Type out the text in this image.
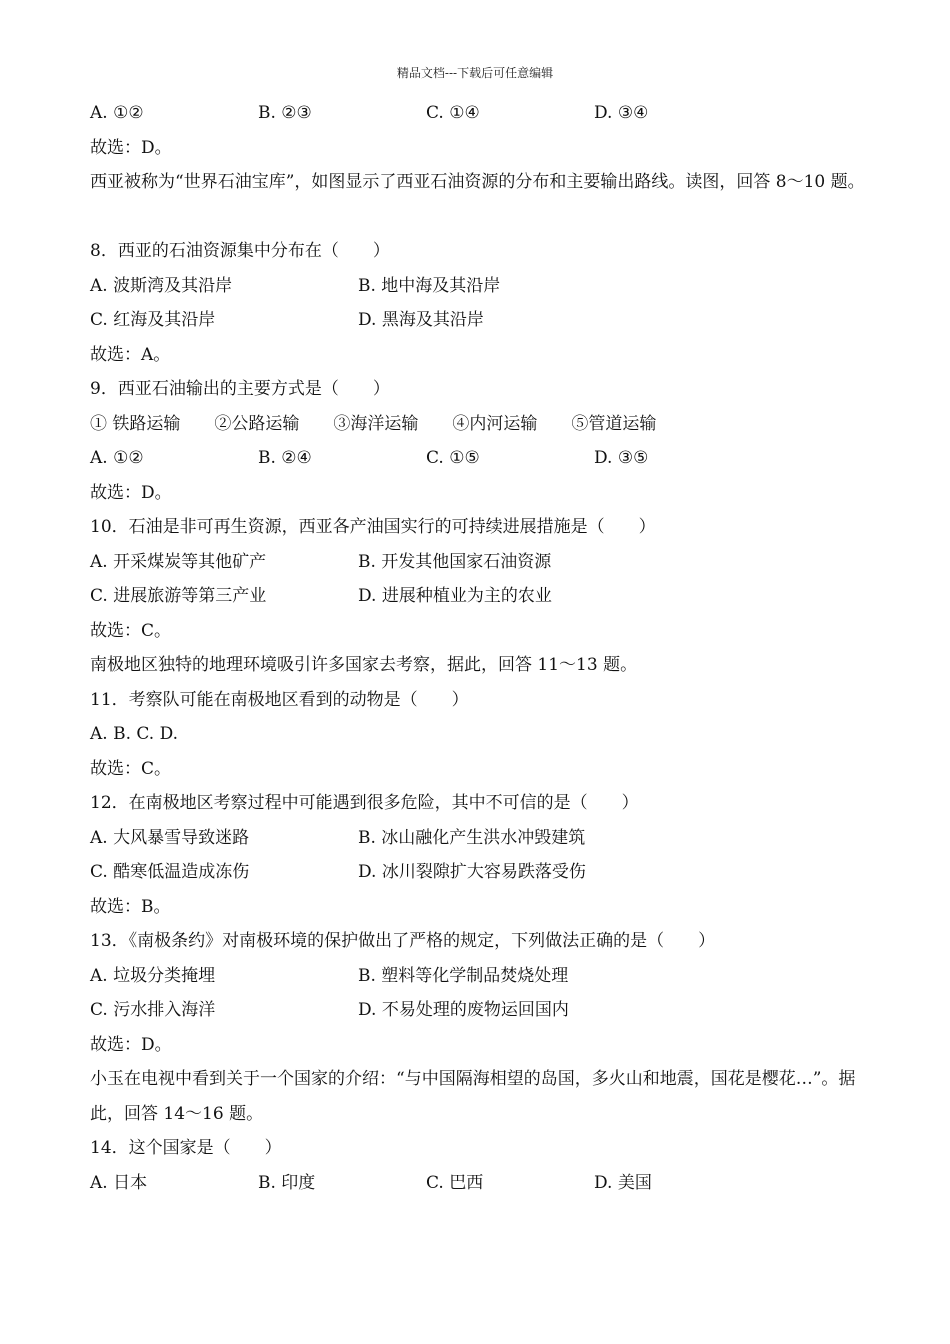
精品文档---下载后可任意编辑
A. ①②	B. ②③	C. ①④	D. ③④
故选：D。
西亚被称为“世界石油宝库”，如图显示了西亚石油资源的分布和主要输出路线。读图，回答 8～10 题。
8．西亚的石油资源集中分布在（　　）
A. 波斯湾及其沿岸	B. 地中海及其沿岸
C. 红海及其沿岸	D. 黑海及其沿岸
故选：A。
9．西亚石油输出的主要方式是（　　）
① 铁路运输 ②公路运输 ③海洋运输 ④内河运输 ⑤管道运输
A. ①②	B. ②④	C. ①⑤	D. ③⑤
故选：D。
10．石油是非可再生资源，西亚各产油国实行的可持续进展措施是（　　）
A. 开采煤炭等其他矿产	B. 开发其他国家石油资源
C. 进展旅游等第三产业	D. 进展种植业为主的农业
故选：C。
南极地区独特的地理环境吸引许多国家去考察，据此，回答 11～13 题。
11．考察队可能在南极地区看到的动物是（　　）
A. B. C. D.
故选：C。
12．在南极地区考察过程中可能遇到很多危险，其中不可信的是（　　）
A. 大风暴雪导致迷路	B. 冰山融化产生洪水冲毁建筑
C. 酷寒低温造成冻伤	D. 冰川裂隙扩大容易跌落受伤
故选：B。
13．《南极条约》对南极环境的保护做出了严格的规定，下列做法正确的是（　　）
A. 垃圾分类掩埋	B. 塑料等化学制品焚烧处理
C. 污水排入海洋	D. 不易处理的废物运回国内
故选：D。
小玉在电视中看到关于一个国家的介绍：“与中国隔海相望的岛国，多火山和地震，国花是樱花…”。据此，回答 14～16 题。
14．这个国家是（　　）
A. 日本	B. 印度	C. 巴西	D. 美国
